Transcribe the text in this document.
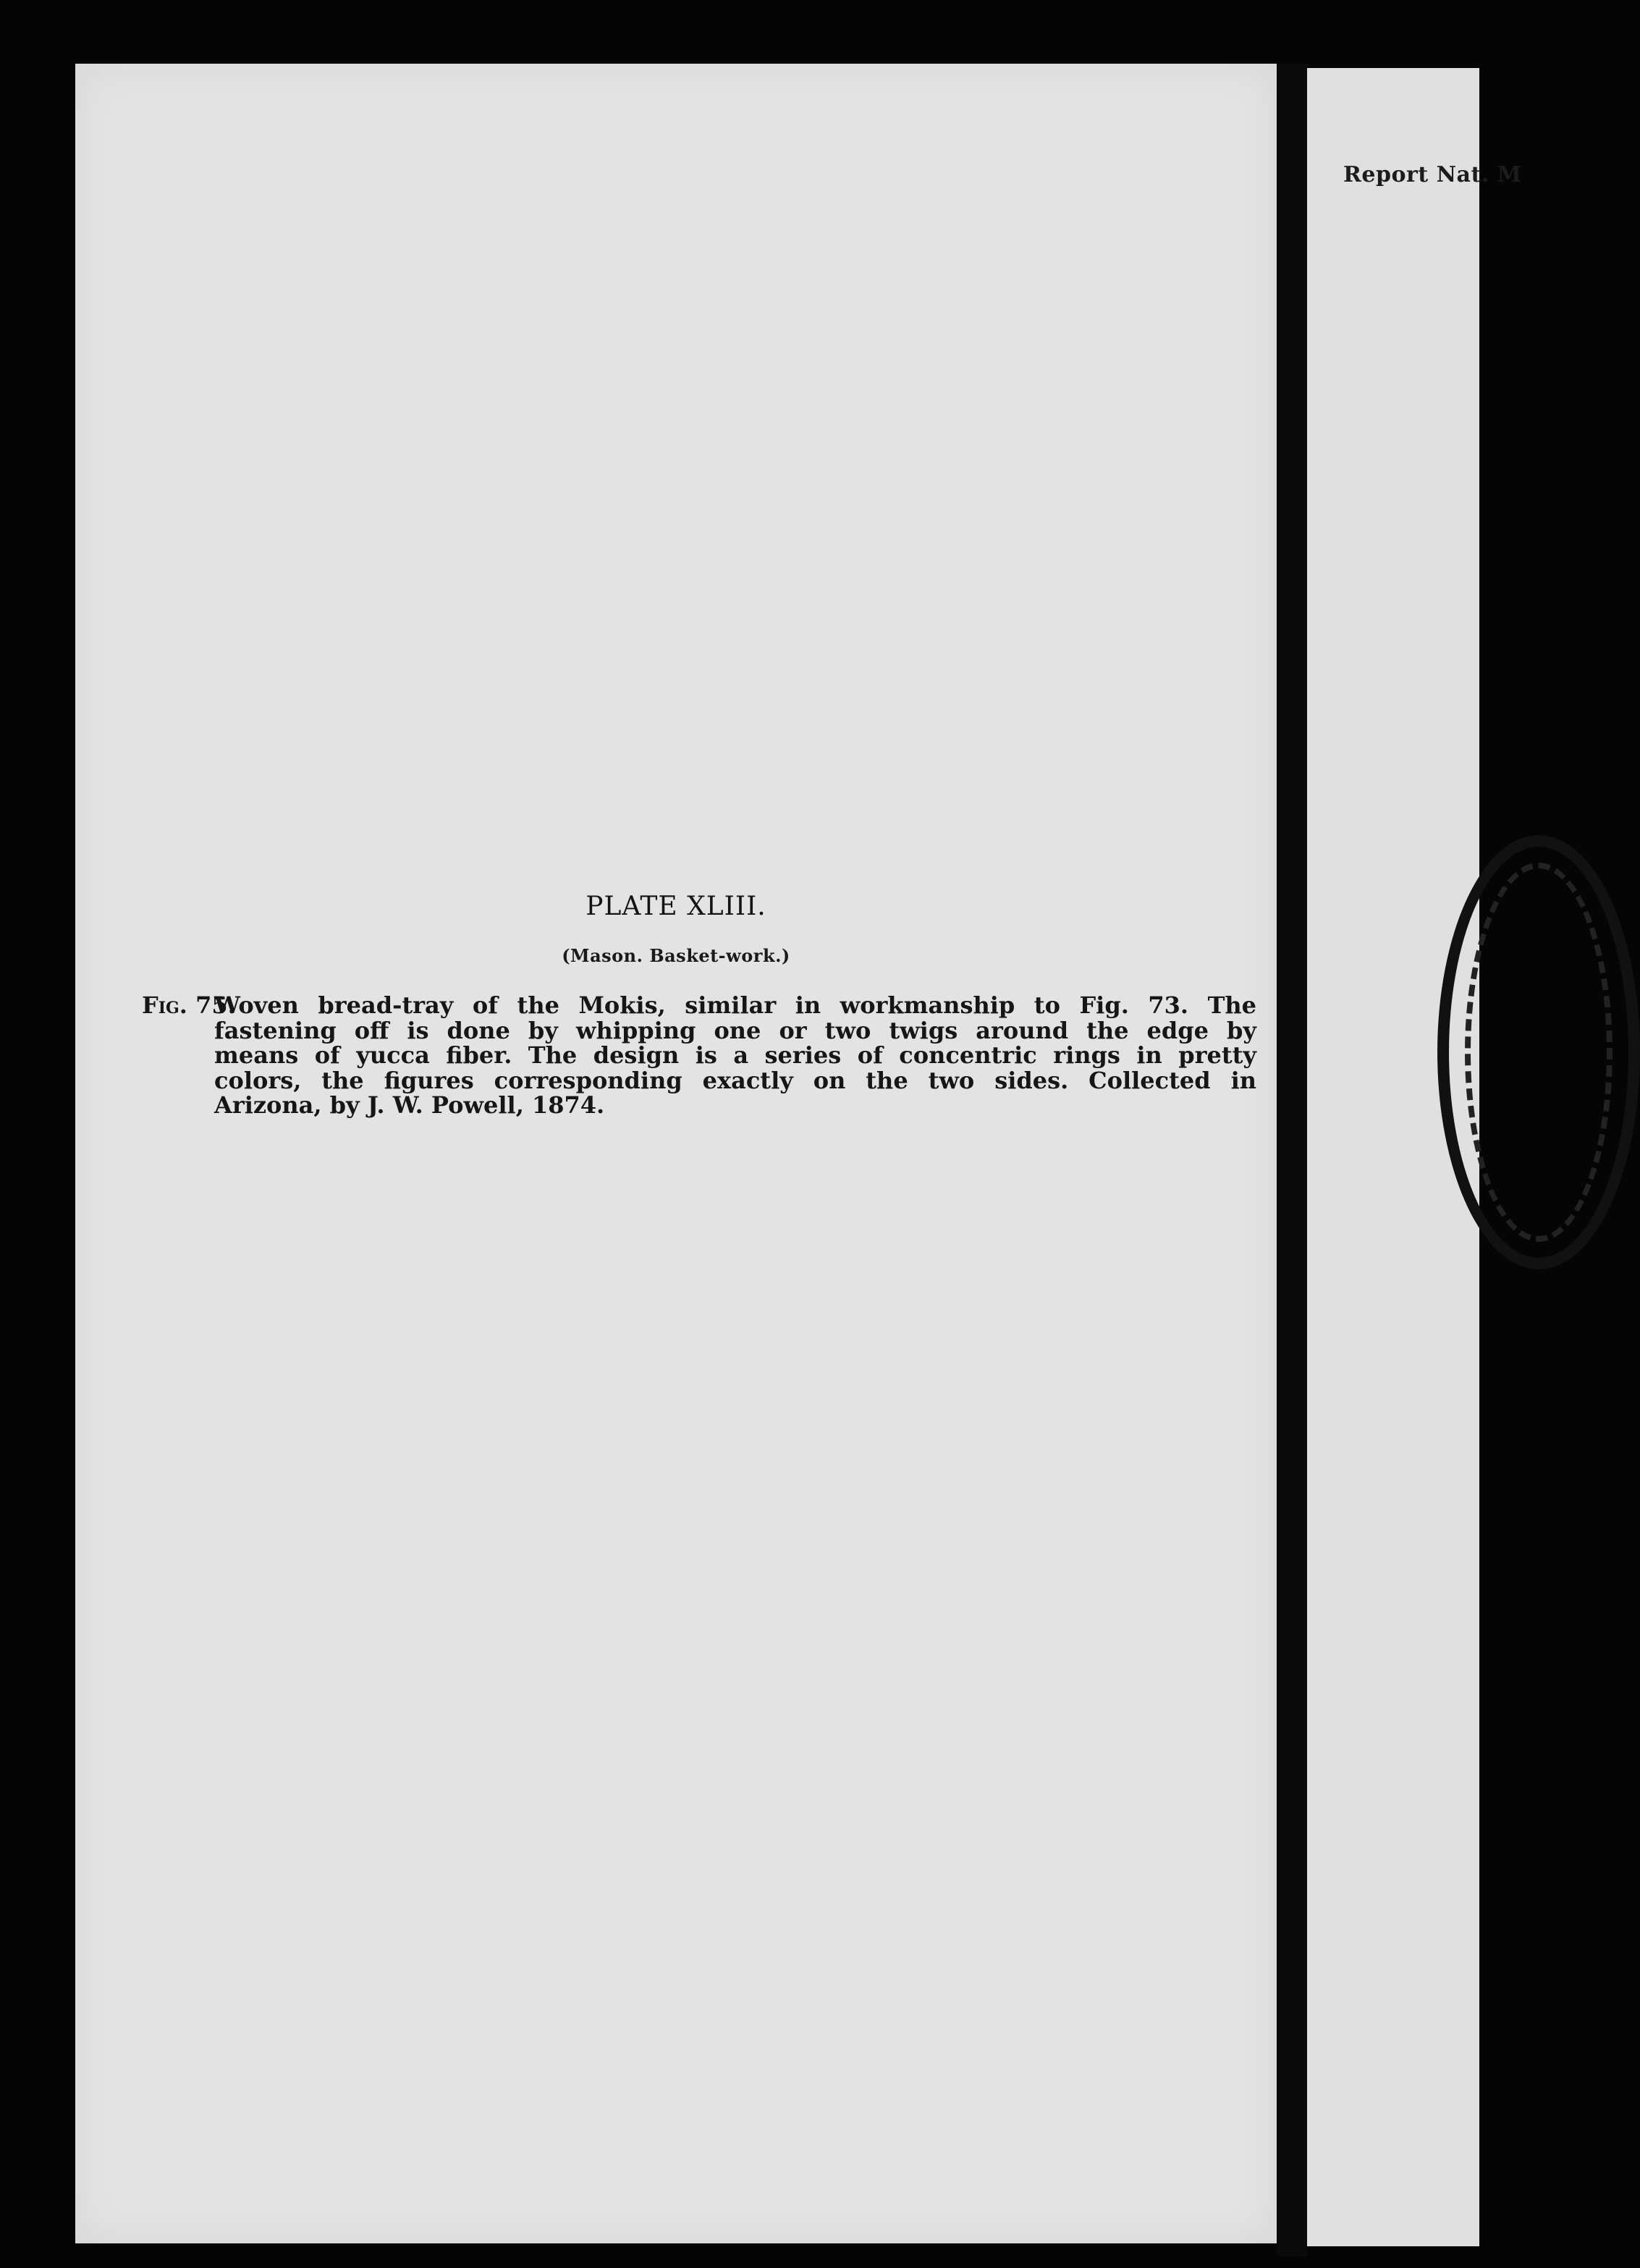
Report Nat. M
PLATE XLIII.
(Mason. Basket-work.)
Fig. 75.
Woven bread-tray of the Mokis, similar in workmanship to Fig. 73. The
fastening off is done by whipping one or two twigs around the edge by
means of yucca fiber. The design is a series of concentric rings in pretty
colors, the figures corresponding exactly on the two sides. Collected in
Arizona, by J. W. Powell, 1874.
